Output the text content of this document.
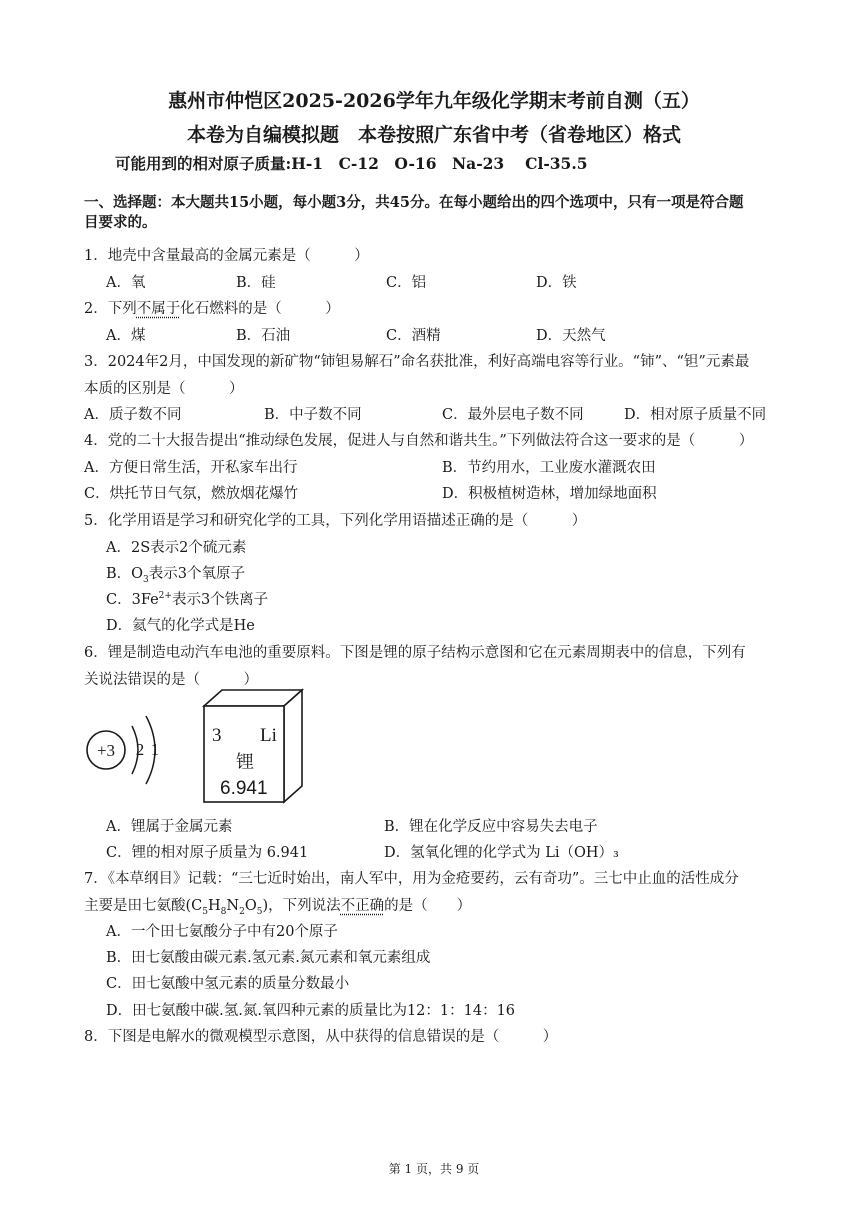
惠州市仲恺区2025-2026学年九年级化学期末考前自测（五）
本卷为自编模拟题　本卷按照广东省中考（省卷地区）格式
可能用到的相对原子质量:H-1　C-12　O-16　Na-23　 Cl-35.5
一、选择题：本大题共15小题，每小题3分，共45分。在每小题给出的四个选项中，只有一项是符合题
目要求的。
1．地壳中含量最高的金属元素是（　　　）
A．氧	B．硅	C．铝	D．铁
2．下列不属于化石燃料的是（　　　）
A．煤	B．石油	C．酒精	D．天然气
3．2024年2月，中国发现的新矿物“铈钽易解石”命名获批准，利好高端电容等行业。“铈”、“钽”元素最
本质的区别是（　　　）
A．质子数不同	B．中子数不同	C．最外层电子数不同	D．相对原子质量不同
4．党的二十大报告提出“推动绿色发展，促进人与自然和谐共生。”下列做法符合这一要求的是（　　　）
A．方便日常生活，开私家车出行	B．节约用水，工业废水灌溉农田
C．烘托节日气氛，燃放烟花爆竹	D．积极植树造林，增加绿地面积
5．化学用语是学习和研究化学的工具，下列化学用语描述正确的是（　　　）
A．2S表示2个硫元素
B．$O_3$表示3个氧原子
C．$3Fe^{2+}$表示3个铁离子
D．氦气的化学式是He
6．锂是制造电动汽车电池的重要原料。下图是锂的原子结构示意图和它在元素周期表中的信息，下列有
关说法错误的是（　　　）
+3 2 1
3 Li
锂
6.941
A．锂属于金属元素	B．锂在化学反应中容易失去电子
C．锂的相对原子质量为 6.941	D．氢氧化锂的化学式为 Li（OH）₃
7．《本草纲目》记载：“三七近时始出，南人军中，用为金疮要药，云有奇功”。三七中止血的活性成分
主要是田七氨酸$(C_5H_8N_2O_5)$，下列说法不正确的是（　　）
A．一个田七氨酸分子中有20个原子
B．田七氨酸由碳元素.氢元素.氮元素和氧元素组成
C．田七氨酸中氢元素的质量分数最小
D．田七氨酸中碳.氢.氮.氧四种元素的质量比为12：1：14：16
8．下图是电解水的微观模型示意图，从中获得的信息错误的是（　　　）
第 1 页，共 9 页
